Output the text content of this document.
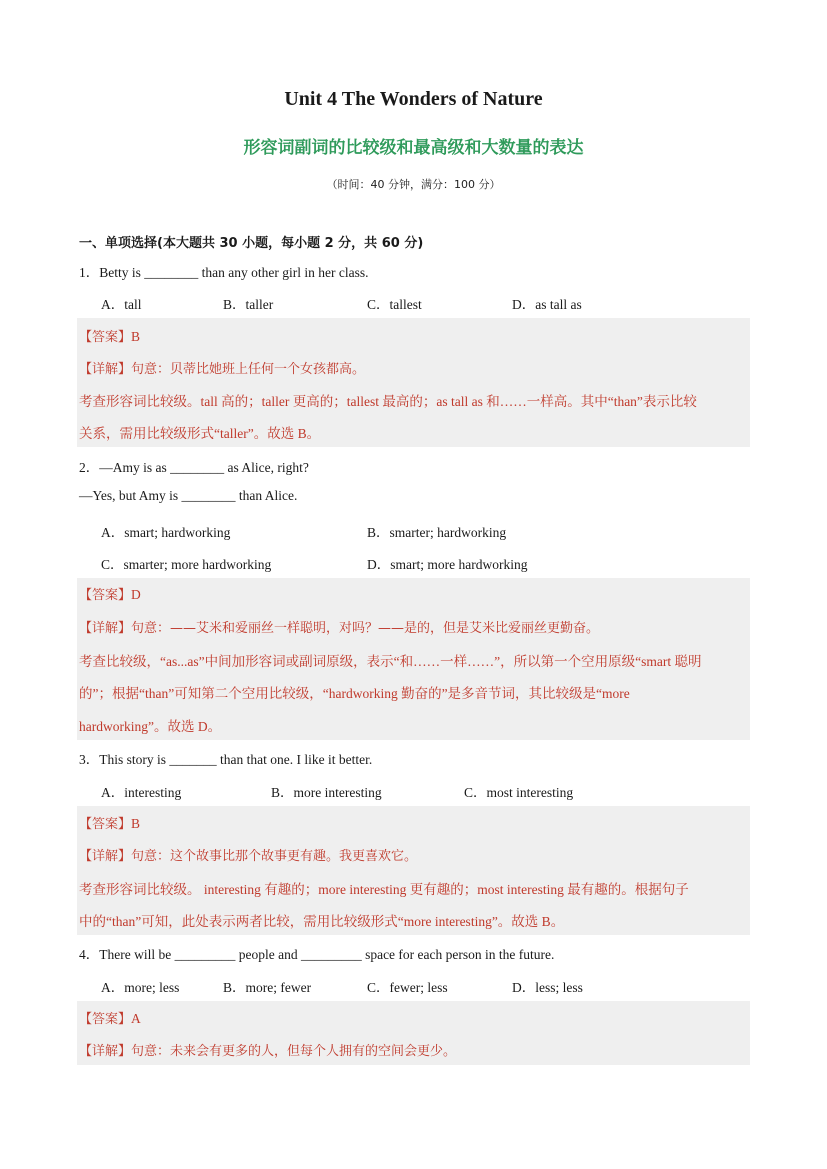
Unit 4 The Wonders of Nature
形容词副词的比较级和最高级和大数量的表达
（时间：40 分钟，满分：100 分）
一、单项选择(本大题共 30 小题，每小题 2 分，共 60 分)
1．Betty is ________ than any other girl in her class.
A．tall	B．taller	C．tallest	D．as tall as
【答案】B
【详解】句意：贝蒂比她班上任何一个女孩都高。
考查形容词比较级。tall 高的；taller 更高的；tallest 最高的；as tall as 和……一样高。其中“than”表示比较
关系，需用比较级形式“taller”。故选 B。
2．—Amy is as ________ as Alice, right?
—Yes, but Amy is ________ than Alice.
A．smart; hardworking	B．smarter; hardworking
C．smarter; more hardworking	D．smart; more hardworking
【答案】D
【详解】句意：——艾米和爱丽丝一样聪明，对吗？——是的，但是艾米比爱丽丝更勤奋。
考查比较级，“as...as”中间加形容词或副词原级，表示“和……一样……”，所以第一个空用原级“smart 聪明
的”；根据“than”可知第二个空用比较级，“hardworking 勤奋的”是多音节词，其比较级是“more
hardworking”。故选 D。
3．This story is _______ than that one. I like it better.
A．interesting	B．more interesting	C．most interesting
【答案】B
【详解】句意：这个故事比那个故事更有趣。我更喜欢它。
考查形容词比较级。 interesting 有趣的；more interesting 更有趣的；most interesting 最有趣的。根据句子
中的“than”可知，此处表示两者比较，需用比较级形式“more interesting”。故选 B。
4．There will be _________ people and _________ space for each person in the future.
A．more; less	B．more; fewer	C．fewer; less	D．less; less
【答案】A
【详解】句意：未来会有更多的人，但每个人拥有的空间会更少。
